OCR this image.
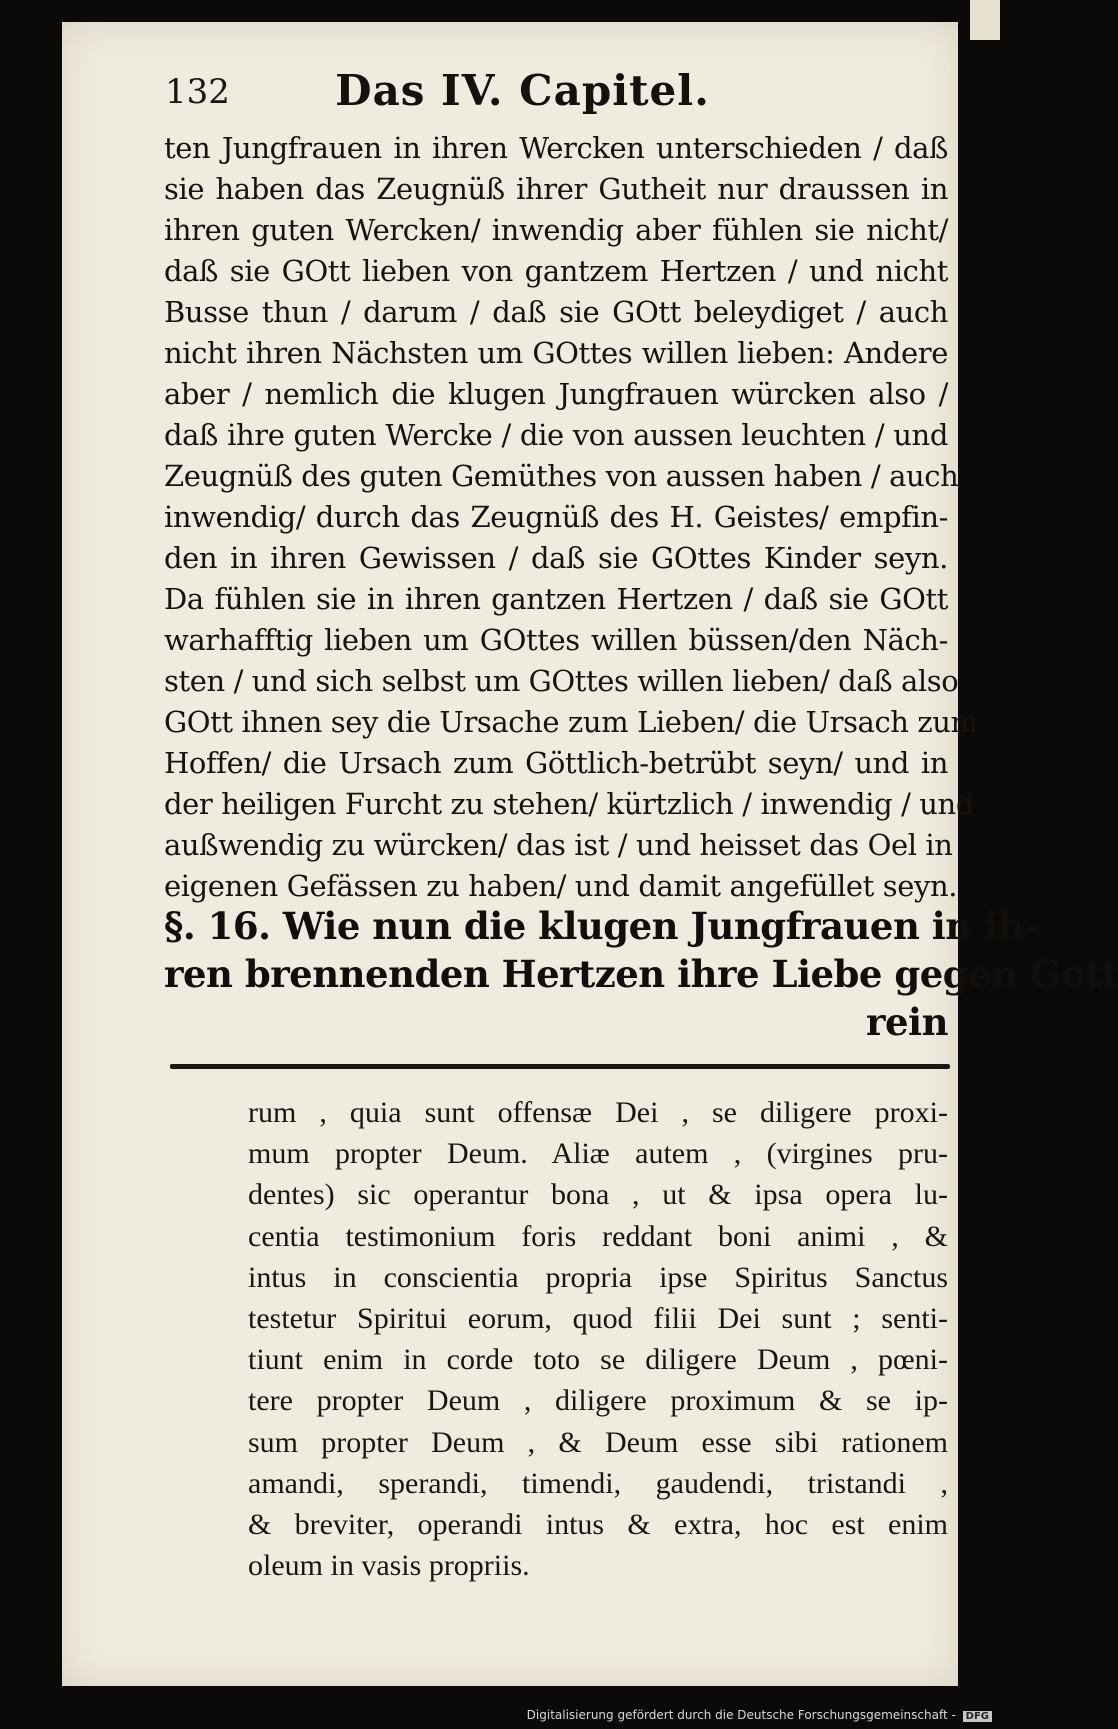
132	Das IV. Capitel.
ten Jungfrauen in ihren Wercken unterschieden / daß
sie haben das Zeugnüß ihrer Gutheit nur draussen in
ihren guten Wercken/ inwendig aber fühlen sie nicht/
daß sie GOtt lieben von gantzem Hertzen / und nicht
Busse thun / darum / daß sie GOtt beleydiget / auch
nicht ihren Nächsten um GOttes willen lieben: Andere
aber / nemlich die klugen Jungfrauen würcken also /
daß ihre guten Wercke / die von aussen leuchten / und
Zeugnüß des guten Gemüthes von aussen haben / auch
inwendig/ durch das Zeugnüß des H. Geistes/ empfin-
den in ihren Gewissen / daß sie GOttes Kinder seyn.
Da fühlen sie in ihren gantzen Hertzen / daß sie GOtt
warhafftig lieben um GOttes willen büssen/den Näch-
sten / und sich selbst um GOttes willen lieben/ daß also
GOtt ihnen sey die Ursache zum Lieben/ die Ursach zum
Hoffen/ die Ursach zum Göttlich-betrübt seyn/ und in
der heiligen Furcht zu stehen/ kürtzlich / inwendig / und
außwendig zu würcken/ das ist / und heisset das Oel in
eigenen Gefässen zu haben/ und damit angefüllet seyn.
§. 16. Wie nun die klugen Jungfrauen in ih-
ren brennenden Hertzen ihre Liebe gegen Gott
rein
rum , quia sunt offensæ Dei , se diligere proxi-
mum propter Deum. Aliæ autem , (virgines pru-
dentes) sic operantur bona , ut & ipsa opera lu-
centia testimonium foris reddant boni animi , &
intus in conscientia propria ipse Spiritus Sanctus
testetur Spiritui eorum, quod filii Dei sunt ; senti-
tiunt enim in corde toto se diligere Deum , pœni-
tere propter Deum , diligere proximum & se ip-
sum propter Deum , & Deum esse sibi rationem
amandi, sperandi, timendi, gaudendi, tristandi ,
& breviter, operandi intus & extra, hoc est enim
oleum in vasis propriis.
Digitalisierung gefördert durch die Deutsche Forschungsgemeinschaft - DFG
